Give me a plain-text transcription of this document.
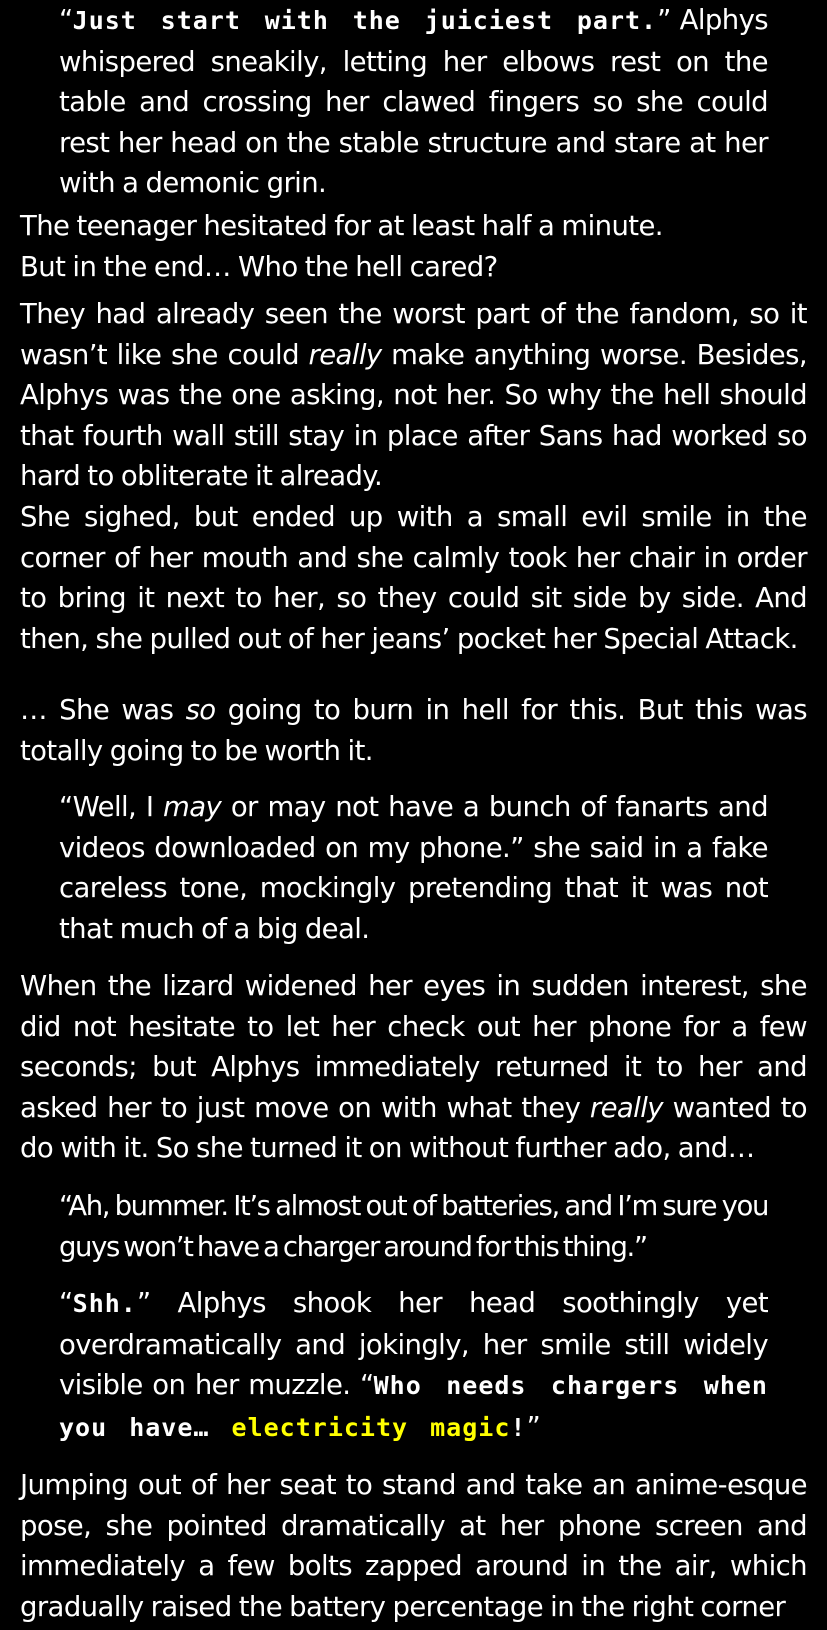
“Just start with the juiciest part.” Alphys whispered sneakily, letting her elbows rest on the table and crossing her clawed fingers so she could rest her head on the stable structure and stare at her with a demonic grin.
The teenager hesitated for at least half a minute.
But in the end… Who the hell cared?
They had already seen the worst part of the fandom, so it wasn’t like she could really make anything worse. Besides, Alphys was the one asking, not her. So why the hell should that fourth wall still stay in place after Sans had worked so hard to obliterate it already.
She sighed, but ended up with a small evil smile in the corner of her mouth and she calmly took her chair in order to bring it next to her, so they could sit side by side. And then, she pulled out of her jeans’ pocket her Special Attack.
… She was so going to burn in hell for this. But this was totally going to be worth it.
“Well, I may or may not have a bunch of fanarts and videos downloaded on my phone.” she said in a fake careless tone, mockingly pretending that it was not that much of a big deal.
When the lizard widened her eyes in sudden interest, she did not hesitate to let her check out her phone for a few seconds; but Alphys immediately returned it to her and asked her to just move on with what they really wanted to do with it. So she turned it on without further ado, and…
“Ah, bummer. It’s almost out of batteries, and I’m sure you guys won’t have a charger around for this thing.”
“Shh.” Alphys shook her head soothingly yet overdramatically and jokingly, her smile still widely visible on her muzzle. “Who needs chargers when you have… electricity magic!”
Jumping out of her seat to stand and take an anime-esque pose, she pointed dramatically at her phone screen and immediately a few bolts zapped around in the air, which gradually raised the battery percentage in the right corner
